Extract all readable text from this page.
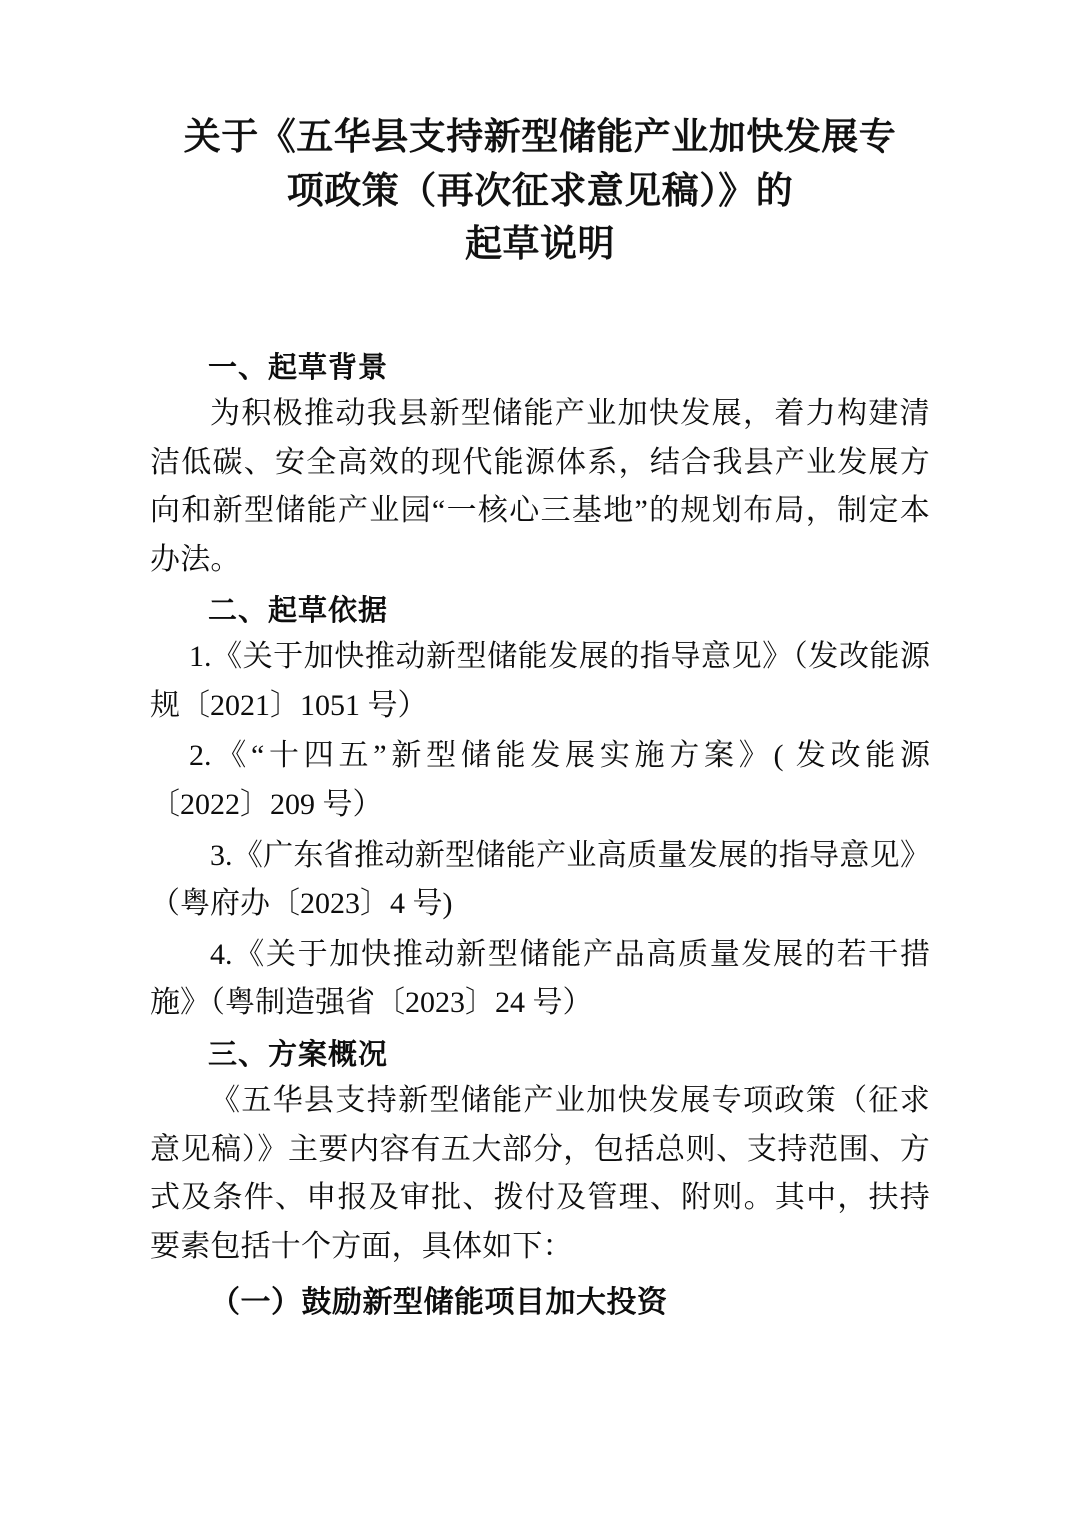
关于《五华县支持新型储能产业加快发展专
项政策（再次征求意见稿）》的
起草说明

一、起草背景

为积极推动我县新型储能产业加快发展，着力构建清洁低碳、安全高效的现代能源体系，结合我县产业发展方向和新型储能产业园“一核心三基地”的规划布局，制定本办法。

二、起草依据

1.《关于加快推动新型储能发展的指导意见》（发改能源规〔2021〕1051 号）

2.《“十四五”新型储能发展实施方案》( 发改能源〔2022〕209 号）

3.《广东省推动新型储能产业高质量发展的指导意见》（粤府办〔2023〕4 号)

4.《关于加快推动新型储能产品高质量发展的若干措施》（粤制造强省〔2023〕24 号）

三、方案概况

《五华县支持新型储能产业加快发展专项政策（征求意见稿）》主要内容有五大部分，包括总则、支持范围、方式及条件、申报及审批、拨付及管理、附则。其中，扶持要素包括十个方面，具体如下：

（一）鼓励新型储能项目加大投资
